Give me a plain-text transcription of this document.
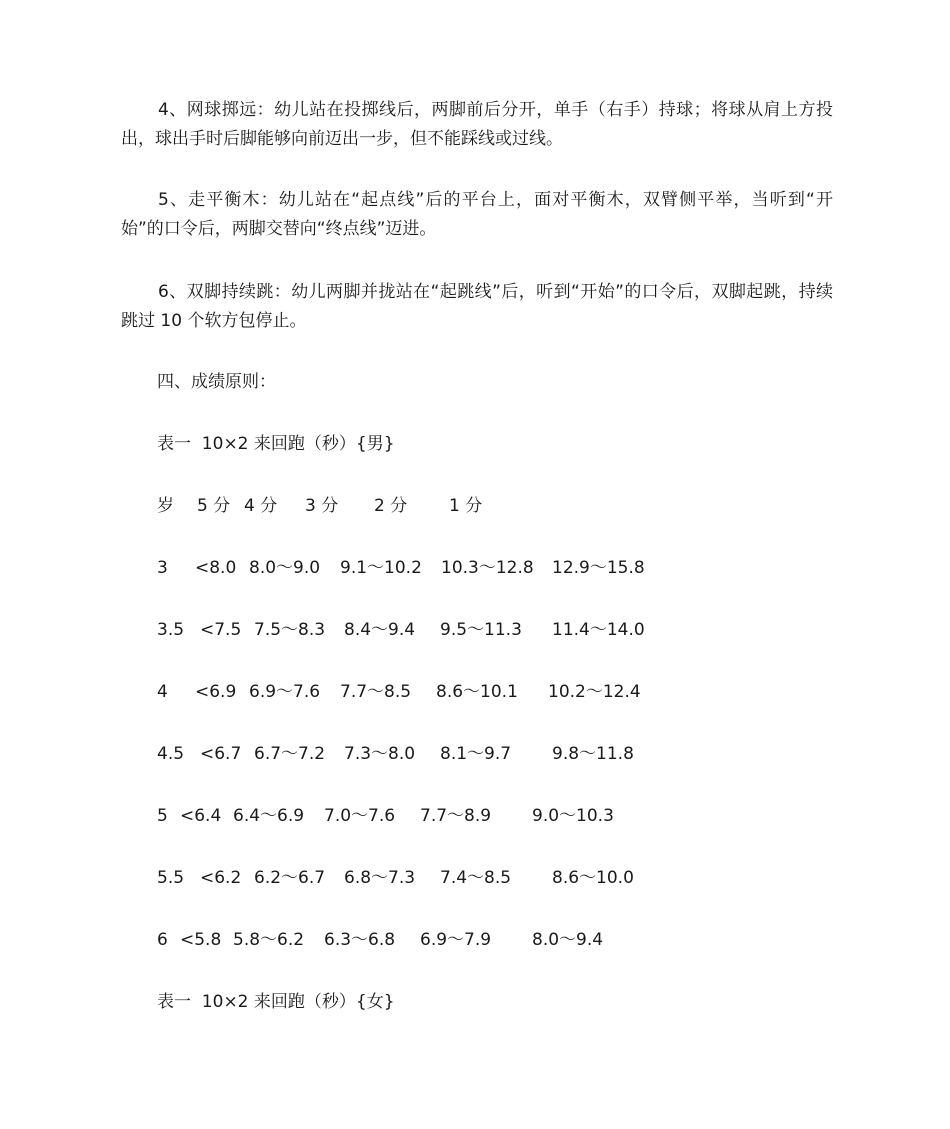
4、网球掷远：幼儿站在投掷线后，两脚前后分开，单手（右手）持球；将球从肩上方投出，球出手时后脚能够向前迈出一步，但不能踩线或过线。

5、走平衡木：幼儿站在“起点线”后的平台上，面对平衡木，双臂侧平举，当听到“开始”的口令后，两脚交替向“终点线”迈进。

6、双脚持续跳：幼儿两脚并拢站在“起跳线”后，听到“开始”的口令后，双脚起跳，持续跳过 10 个软方包停止。

四、成绩原则：

表一  10×2 来回跑（秒）{男}

岁 5 分 4 分 3 分 2 分 1 分
3 <8.0 8.0～9.0 9.1～10.2 10.3～12.8 12.9～15.8
3.5 <7.5 7.5～8.3 8.4～9.4 9.5～11.3 11.4～14.0
4 <6.9 6.9～7.6 7.7～8.5 8.6～10.1 10.2～12.4
4.5 <6.7 6.7～7.2 7.3～8.0 8.1～9.7 9.8～11.8
5 <6.4 6.4～6.9 7.0～7.6 7.7～8.9 9.0～10.3
5.5 <6.2 6.2～6.7 6.8～7.3 7.4～8.5 8.6～10.0
6 <5.8 5.8～6.2 6.3～6.8 6.9～7.9 8.0～9.4

表一  10×2 来回跑（秒）{女}
